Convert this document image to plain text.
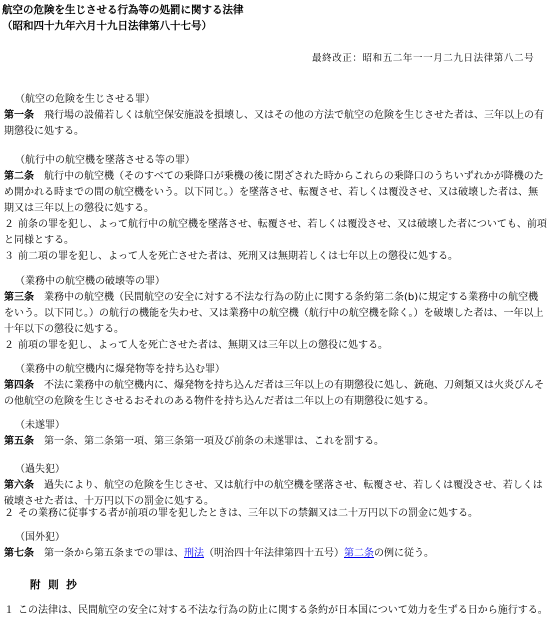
航空の危険を生じさせる行為等の処罰に関する法律
（昭和四十九年六月十九日法律第八十七号）
最終改正：昭和五二年一一月二九日法律第八二号
（航空の危険を生じさせる罪）
第一条　飛行場の設備若しくは航空保安施設を損壊し、又はその他の方法で航空の危険を生じさせた者は、三年以上の有期懲役に処する。
（航行中の航空機を墜落させる等の罪）
第二条　航行中の航空機（そのすべての乗降口が乗機の後に閉ざされた時からこれらの乗降口のうちいずれかが降機のため開かれる時までの間の航空機をいう。以下同じ。）を墜落させ、転覆させ、若しくは覆没させ、又は破壊した者は、無期又は三年以上の懲役に処する。
２ 前条の罪を犯し、よって航行中の航空機を墜落させ、転覆させ、若しくは覆没させ、又は破壊した者についても、前項と同様とする。
３ 前二項の罪を犯し、よって人を死亡させた者は、死刑又は無期若しくは七年以上の懲役に処する。
（業務中の航空機の破壊等の罪）
第三条　業務中の航空機（民間航空の安全に対する不法な行為の防止に関する条約第二条(b)に規定する業務中の航空機をいう。以下同じ。）の航行の機能を失わせ、又は業務中の航空機（航行中の航空機を除く。）を破壊した者は、一年以上十年以下の懲役に処する。
２ 前項の罪を犯し、よって人を死亡させた者は、無期又は三年以上の懲役に処する。
（業務中の航空機内に爆発物等を持ち込む罪）
第四条　不法に業務中の航空機内に、爆発物を持ち込んだ者は三年以上の有期懲役に処し、銃砲、刀剣類又は火炎びんその他航空の危険を生じさせるおそれのある物件を持ち込んだ者は二年以上の有期懲役に処する。
（未遂罪）
第五条　第一条、第二条第一項、第三条第一項及び前条の未遂罪は、これを罰する。
（過失犯）
第六条　過失により、航空の危険を生じさせ、又は航行中の航空機を墜落させ、転覆させ、若しくは覆没させ、若しくは破壊させた者は、十万円以下の罰金に処する。
２ その業務に従事する者が前項の罪を犯したときは、三年以下の禁錮又は二十万円以下の罰金に処する。
（国外犯）
第七条　第一条から第五条までの罪は、刑法（明治四十年法律第四十五号）第二条の例に従う。
附 則 抄
１ この法律は、民間航空の安全に対する不法な行為の防止に関する条約が日本国について効力を生ずる日から施行する。
